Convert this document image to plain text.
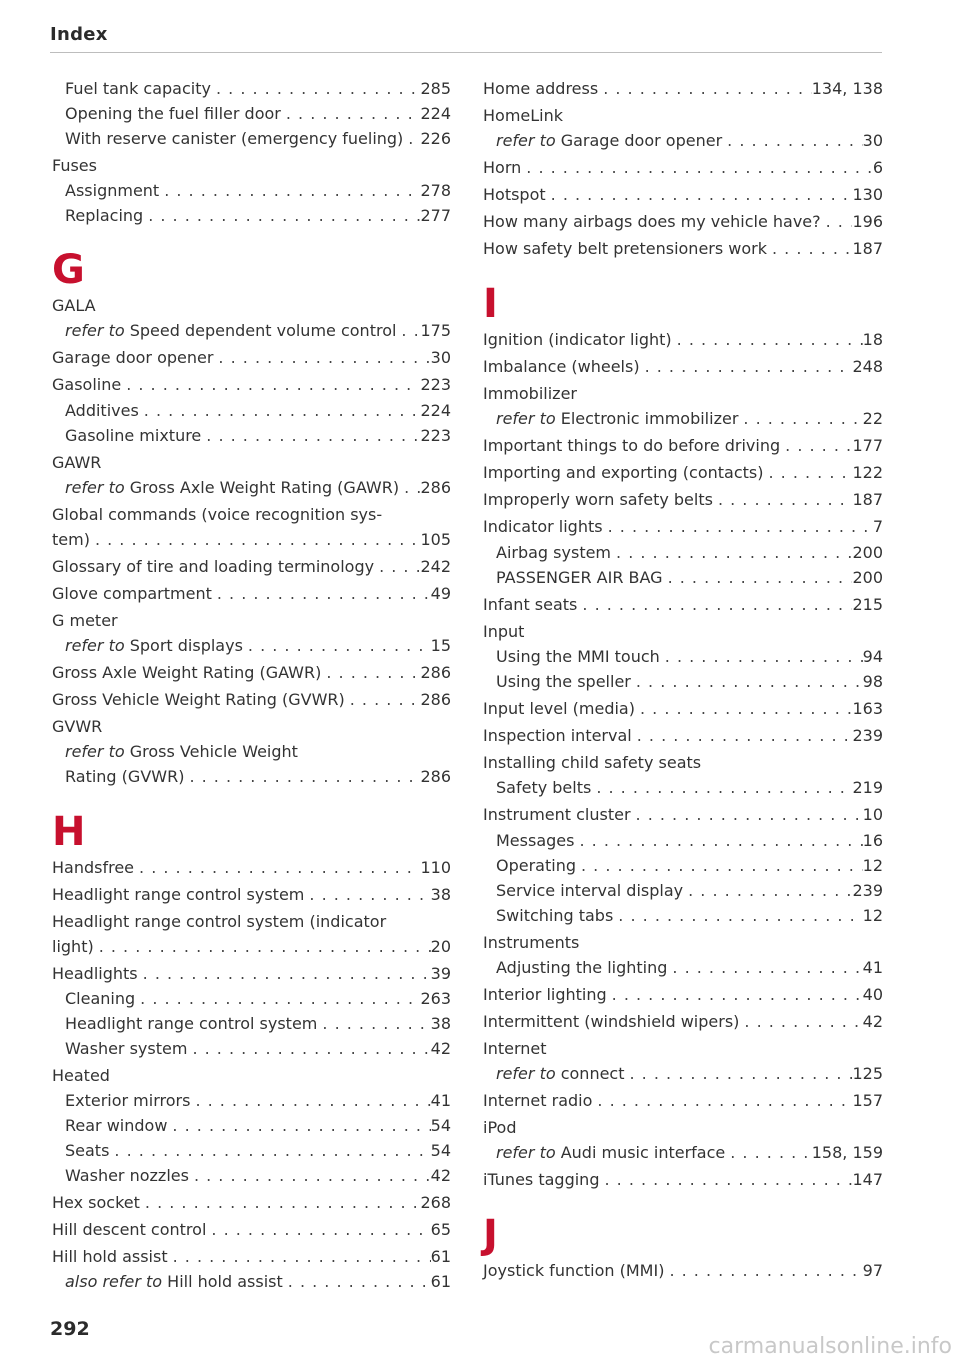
Index
Fuel tank capacity . . .	285
Opening the fuel filler door . . .	224
With reserve canister (emergency fueling) . . . 226
Fuses
Assignment . . .	278
Replacing . . .	277
G
GALA
refer to Speed dependent volume control . . . 175
Garage door opener . . .	30
Gasoline . . .	223
Additives . . .	224
Gasoline mixture . . .	223
GAWR
refer to Gross Axle Weight Rating (GAWR) . . . 286
Global commands (voice recognition sys-
tem) . . .	105
Glossary of tire and loading terminology . . .	242
Glove compartment . . .	49
G meter
refer to Sport displays . . .	15
Gross Axle Weight Rating (GAWR) . . .	286
Gross Vehicle Weight Rating (GVWR) . . .	286
GVWR
refer to Gross Vehicle Weight
Rating (GVWR) . . .	286
H
Handsfree . . .	110
Headlight range control system . . .	38
Headlight range control system (indicator
light) . . .	20
Headlights . . .	39
Cleaning . . .	263
Headlight range control system . . .	38
Washer system . . .	42
Heated
Exterior mirrors . . .	41
Rear window . . .	54
Seats . . .	54
Washer nozzles . . .	42
Hex socket . . .	268
Hill descent control . . .	65
Hill hold assist . . .	61
also refer to Hill hold assist . . .	61
Home address . . .	134, 138
HomeLink
refer to Garage door opener . . .	30
Horn . . .	6
Hotspot . . .	130
How many airbags does my vehicle have? . . . 196
How safety belt pretensioners work . . .	187
I
Ignition (indicator light) . . .	18
Imbalance (wheels) . . .	248
Immobilizer
refer to Electronic immobilizer . . .	22
Important things to do before driving . . .	177
Importing and exporting (contacts) . . .	122
Improperly worn safety belts . . .	187
Indicator lights . . .	7
Airbag system . . .	200
PASSENGER AIR BAG . . .	200
Infant seats . . .	215
Input
Using the MMI touch . . .	94
Using the speller . . .	98
Input level (media) . . .	163
Inspection interval . . .	239
Installing child safety seats
Safety belts . . .	219
Instrument cluster . . .	10
Messages . . .	16
Operating . . .	12
Service interval display . . .	239
Switching tabs . . .	12
Instruments
Adjusting the lighting . . .	41
Interior lighting . . .	40
Intermittent (windshield wipers) . . .	42
Internet
refer to connect . . .	125
Internet radio . . .	157
iPod
refer to Audi music interface . . .	158, 159
iTunes tagging . . .	147
J
Joystick function (MMI) . . .	97
292
carmanualsonline.info
